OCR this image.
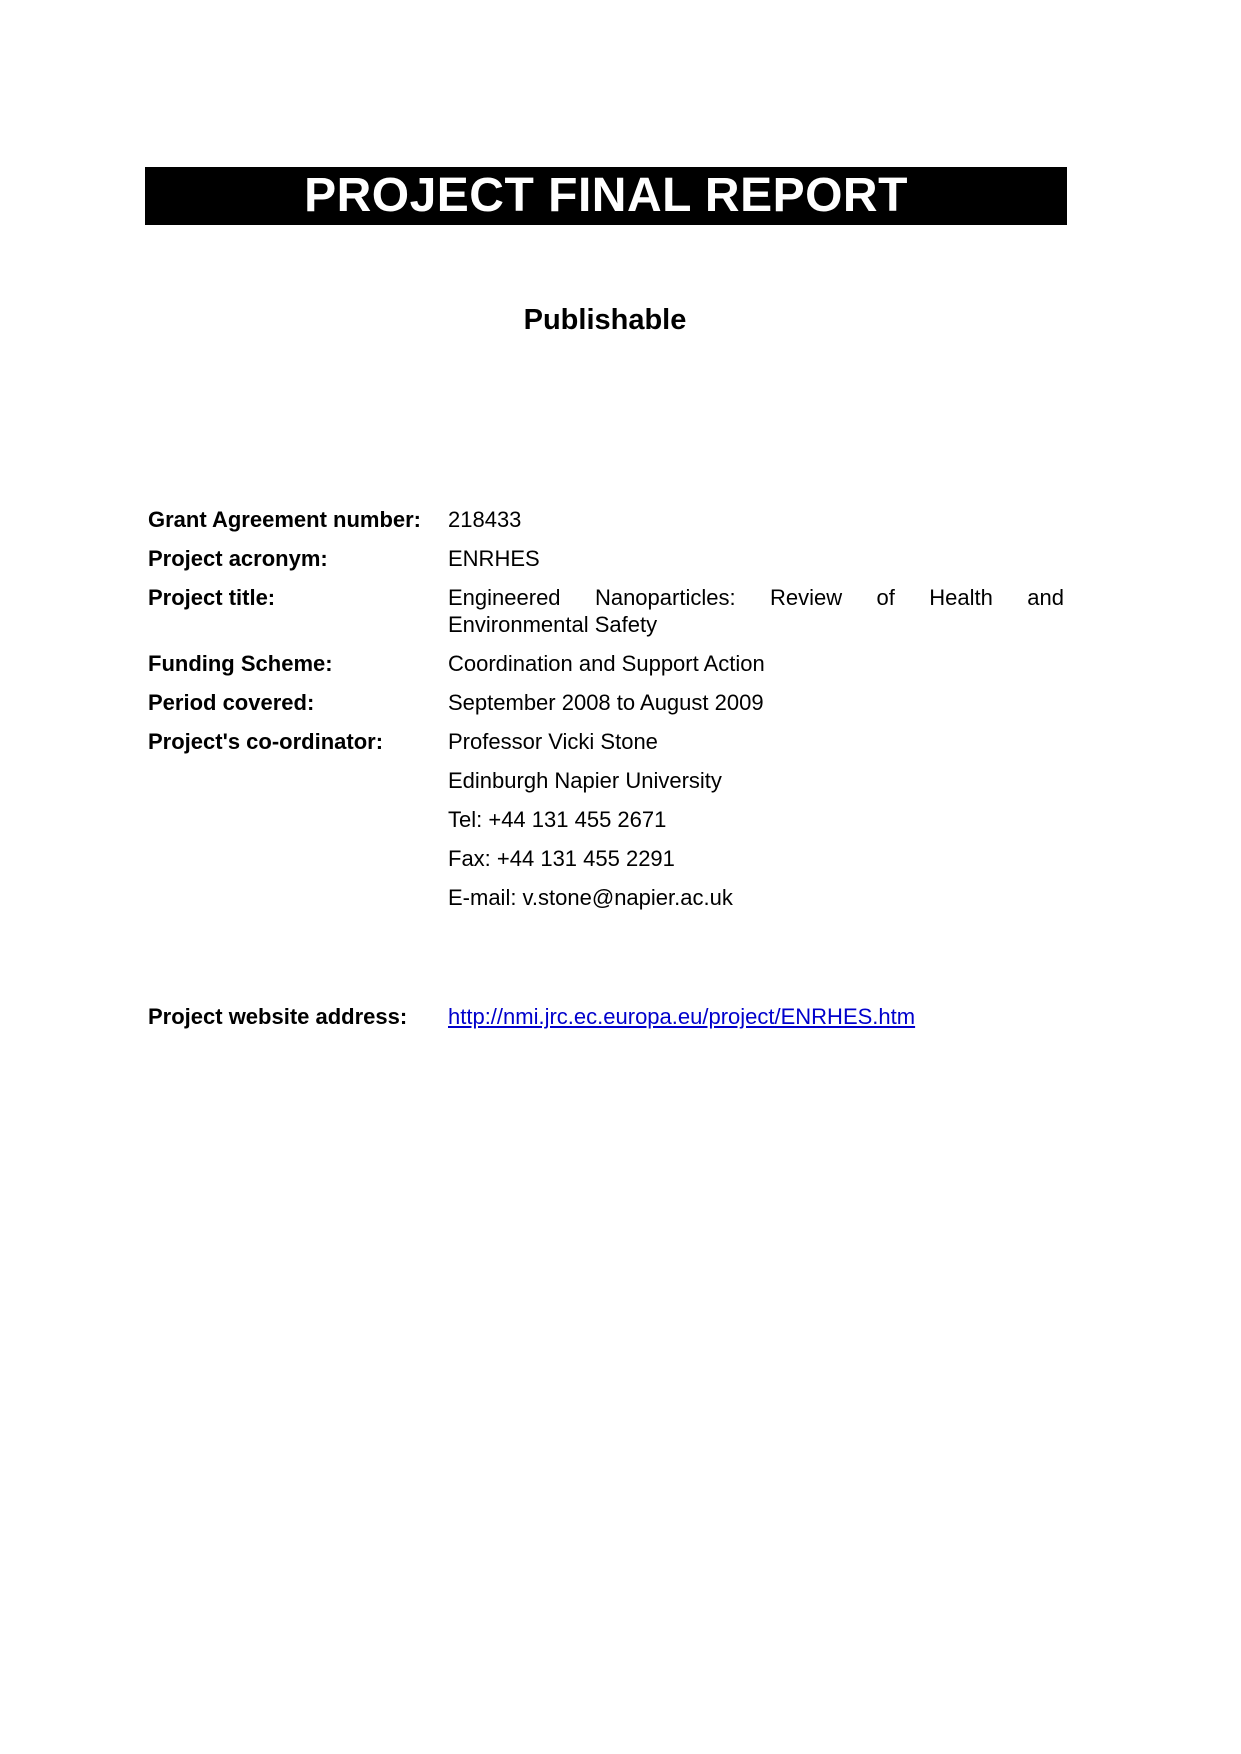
PROJECT FINAL REPORT
Publishable
Grant Agreement number:	218433
Project acronym:	ENRHES
Project title:	Engineered Nanoparticles: Review of Health and Environmental Safety
Funding Scheme:	Coordination and Support Action
Period covered:	September 2008 to August 2009
Project's co-ordinator:	Professor Vicki Stone
Edinburgh Napier University
Tel: +44 131 455 2671
Fax: +44 131 455 2291
E-mail: v.stone@napier.ac.uk
Project website address:	http://nmi.jrc.ec.europa.eu/project/ENRHES.htm
